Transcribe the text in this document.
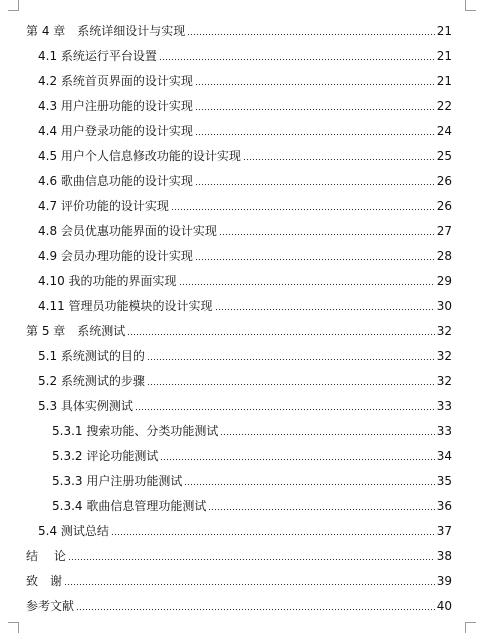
第 4 章　系统详细设计与实现	21
4.1 系统运行平台设置	21
4.2 系统首页界面的设计实现	21
4.3 用户注册功能的设计实现	22
4.4 用户登录功能的设计实现	24
4.5 用户个人信息修改功能的设计实现	25
4.6 歌曲信息功能的设计实现	26
4.7 评价功能的设计实现	26
4.8 会员优惠功能界面的设计实现	27
4.9 会员办理功能的设计实现	28
4.10 我的功能的界面实现	29
4.11 管理员功能模块的设计实现	30
第 5 章　系统测试	32
5.1 系统测试的目的	32
5.2 系统测试的步骤	32
5.3 具体实例测试	33
5.3.1 搜索功能、分类功能测试	33
5.3.2 评论功能测试	34
5.3.3 用户注册功能测试	35
5.3.4 歌曲信息管理功能测试	36
5.4 测试总结	37
结　 论	38
致　谢	39
参考文献	40
